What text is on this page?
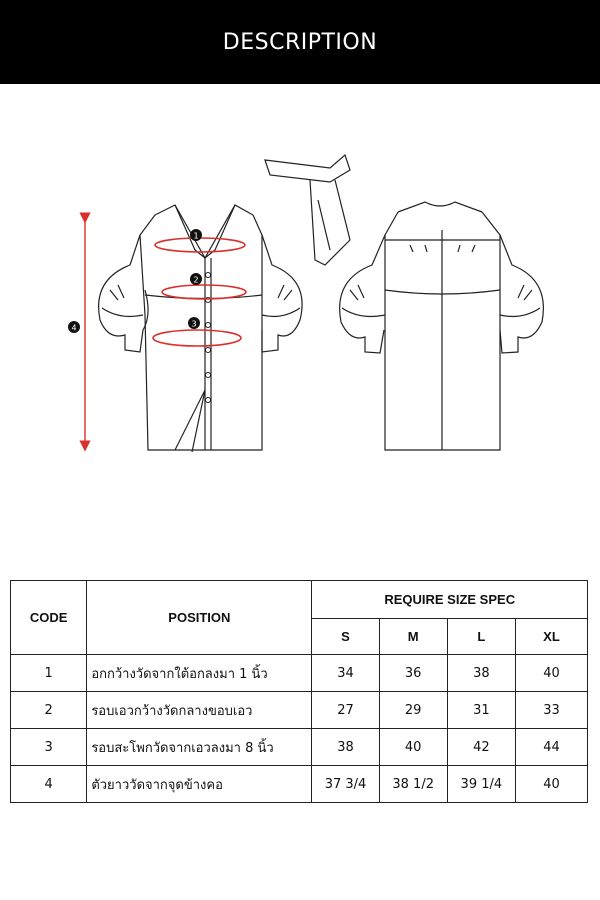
DESCRIPTION
1
2
3
4
CODE	POSITION	REQUIRE SIZE SPEC			
		S	M	L	XL
1	อกกว้างวัดจากใต้อกลงมา 1 นิ้ว	34	36	38	40
2	รอบเอวกว้างวัดกลางขอบเอว	27	29	31	33
3	รอบสะโพกวัดจากเอวลงมา 8 นิ้ว	38	40	42	44
4	ตัวยาววัดจากจุดข้างคอ	37 3/4	38 1/2	39 1/4	40
